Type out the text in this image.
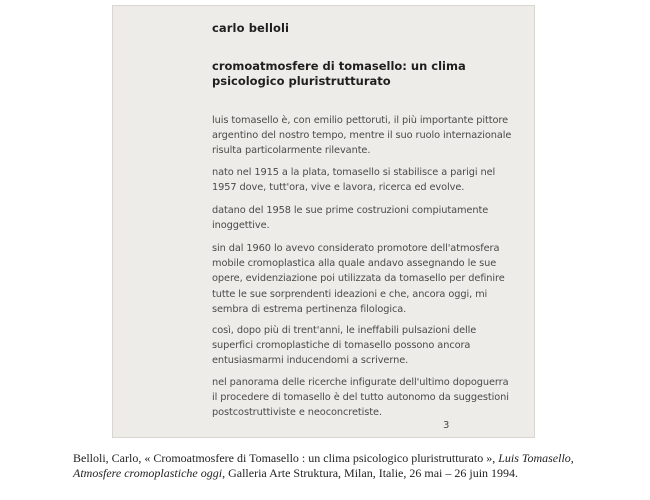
carlo belloli
cromoatmosfere di tomasello: un clima
psicologico pluristrutturato
luis tomasello è, con emilio pettoruti, il più importante pittore
argentino del nostro tempo, mentre il suo ruolo internazionale
risulta particolarmente rilevante.
nato nel 1915 a la plata, tomasello si stabilisce a parigi nel
1957 dove, tutt'ora, vive e lavora, ricerca ed evolve.
datano del 1958 le sue prime costruzioni compiutamente
inoggettive.
sin dal 1960 lo avevo considerato promotore dell'atmosfera
mobile cromoplastica alla quale andavo assegnando le sue
opere, evidenziazione poi utilizzata da tomasello per definire
tutte le sue sorprendenti ideazioni e che, ancora oggi, mi
sembra di estrema pertinenza filologica.
così, dopo più di trent'anni, le ineffabili pulsazioni delle
superfici cromoplastiche di tomasello possono ancora
entusiasmarmi inducendomi a scriverne.
nel panorama delle ricerche infigurate dell'ultimo dopoguerra
il procedere di tomasello è del tutto autonomo da suggestioni
postcostruttiviste e neoconcretiste.
3
Belloli, Carlo, « Cromoatmosfere di Tomasello : un clima psicologico pluristrutturato », Luis Tomasello,
Atmosfere cromoplastiche oggi, Galleria Arte Struktura, Milan, Italie, 26 mai – 26 juin 1994.
